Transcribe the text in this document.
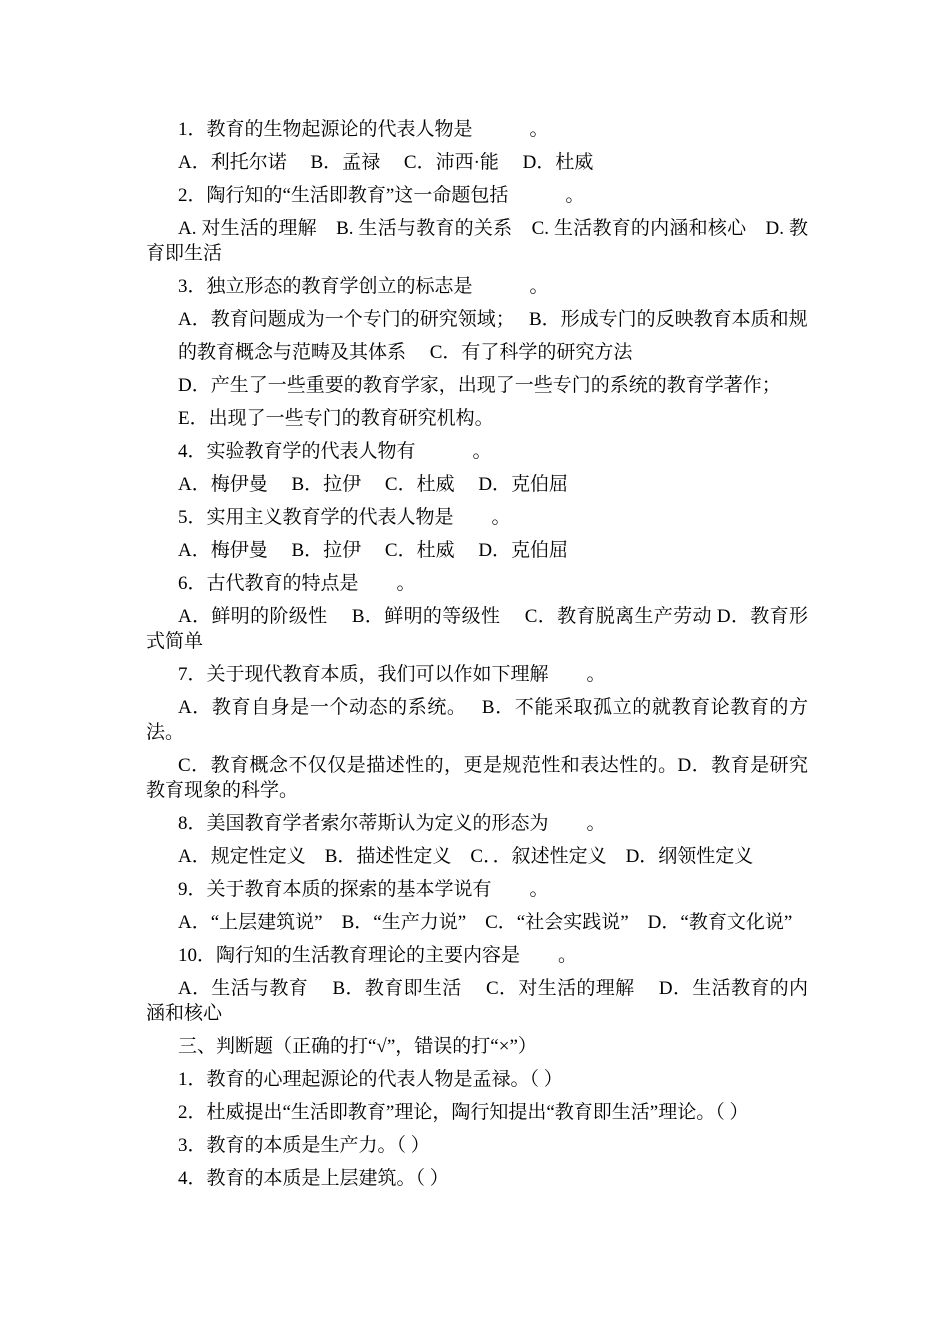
1．教育的生物起源论的代表人物是　　　。

A．利托尔诺　 B．孟禄　 C．沛西·能　 D．杜威

2．陶行知的“生活即教育”这一命题包括　　　。

A. 对生活的理解　B. 生活与教育的关系　C. 生活教育的内涵和核心　D. 教育即生活

3．独立形态的教育学创立的标志是　　　。

A．教育问题成为一个专门的研究领域；　 B．形成专门的反映教育本质和规

的教育概念与范畴及其体系　 C．有了科学的研究方法

D．产生了一些重要的教育学家，出现了一些专门的系统的教育学著作；

E．出现了一些专门的教育研究机构。

4．实验教育学的代表人物有　　　。

A．梅伊曼　 B．拉伊　 C．杜威　 D．克伯屈

5．实用主义教育学的代表人物是　　。

A．梅伊曼　 B．拉伊　 C．杜威　 D．克伯屈

6．古代教育的特点是　　。

A．鲜明的阶级性　 B．鲜明的等级性　 C．教育脱离生产劳动 D．教育形式简单

7．关于现代教育本质，我们可以作如下理解　　。

A．教育自身是一个动态的系统。　 B．不能采取孤立的就教育论教育的方法。

C．教育概念不仅仅是描述性的，更是规范性和表达性的。D．教育是研究教育现象的科学。

8．美国教育学者索尔蒂斯认为定义的形态为　　。

A．规定性定义　B．描述性定义　C．．叙述性定义　D．纲领性定义

9．关于教育本质的探索的基本学说有　　。

A．“上层建筑说”　B．“生产力说”　C．“社会实践说”　D．“教育文化说”

10．陶行知的生活教育理论的主要内容是　　。

A．生活与教育　 B．教育即生活　 C．对生活的理解　 D．生活教育的内涵和核心

三、判断题（正确的打“√”，错误的打“×”）

1．教育的心理起源论的代表人物是孟禄。（ ）

2．杜威提出“生活即教育”理论，陶行知提出“教育即生活”理论。（ ）

3．教育的本质是生产力。（ ）

4．教育的本质是上层建筑。（ ）
